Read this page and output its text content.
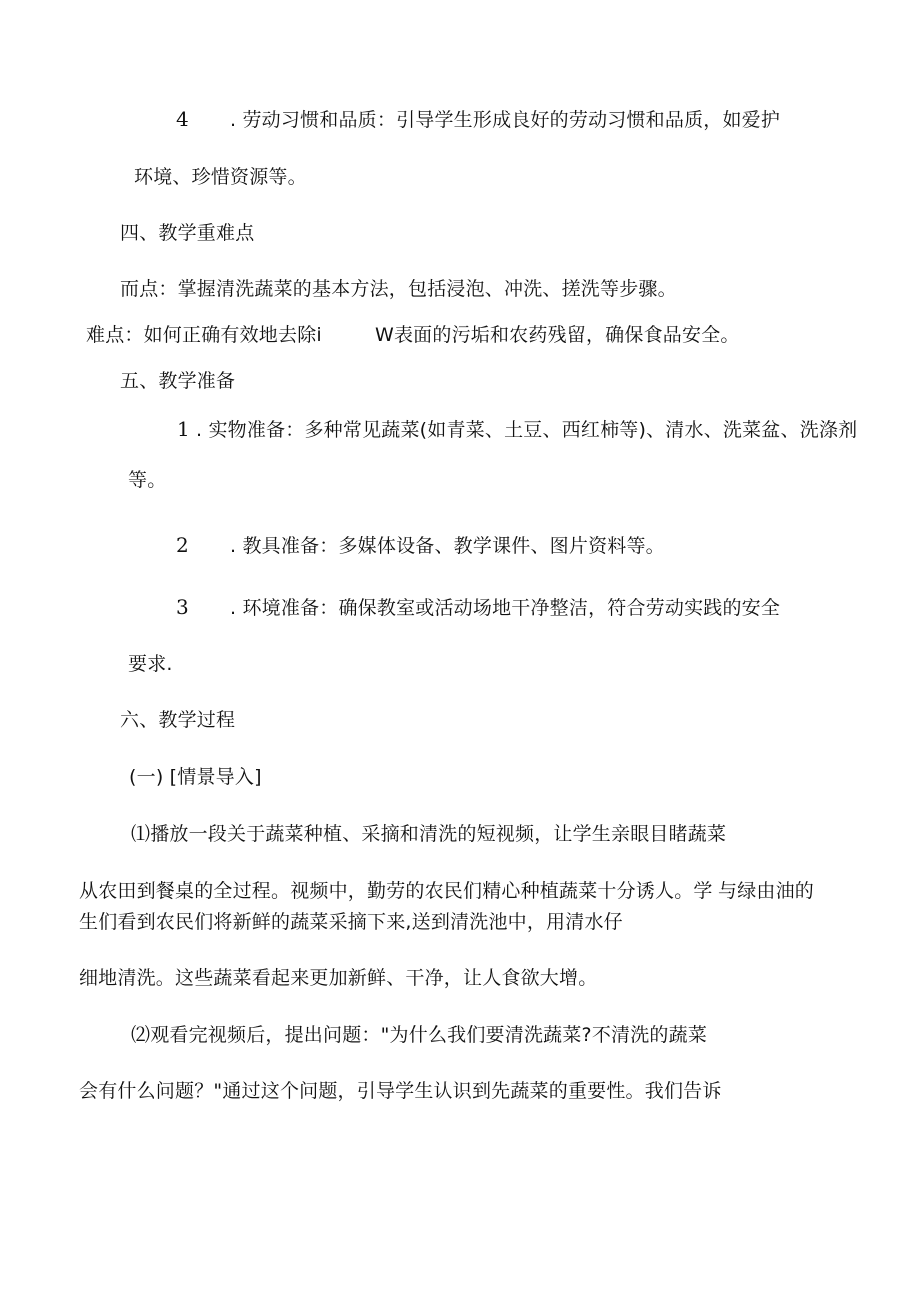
4 . 劳动习惯和品质：引导学生形成良好的劳动习惯和品质，如爱护
环境、珍惜资源等。
四、教学重难点
而点：掌握清洗蔬菜的基本方法，包括浸泡、冲洗、搓洗等步骤。
难点：如何正确有效地去除i	W表面的污垢和农药残留，确保食品安全。
五、教学准备
1 . 实物准备：多种常见蔬菜(如青菜、土豆、西红柿等)、清水、洗菜盆、洗涤剂
等。
2 . 教具准备：多媒体设备、教学课件、图片资料等。
3 . 环境准备：确保教室或活动场地干净整洁，符合劳动实践的安全
要求.
六、教学过程
(一) [情景导入]
⑴播放一段关于蔬菜种植、采摘和清洗的短视频，让学生亲眼目睹蔬菜
从农田到餐桌的全过程。视频中，勤劳的农民们精心种植蔬菜十分诱人。学 与绿由油的
生们看到农民们将新鲜的蔬菜采摘下来,送到清洗池中，用清水仔
细地清洗。这些蔬菜看起来更加新鲜、干净，让人食欲大增。
⑵观看完视频后，提出问题："为什么我们要清洗蔬菜?不清洗的蔬菜
会有什么问题？"通过这个问题，引导学生认识到先蔬菜的重要性。我们告诉
